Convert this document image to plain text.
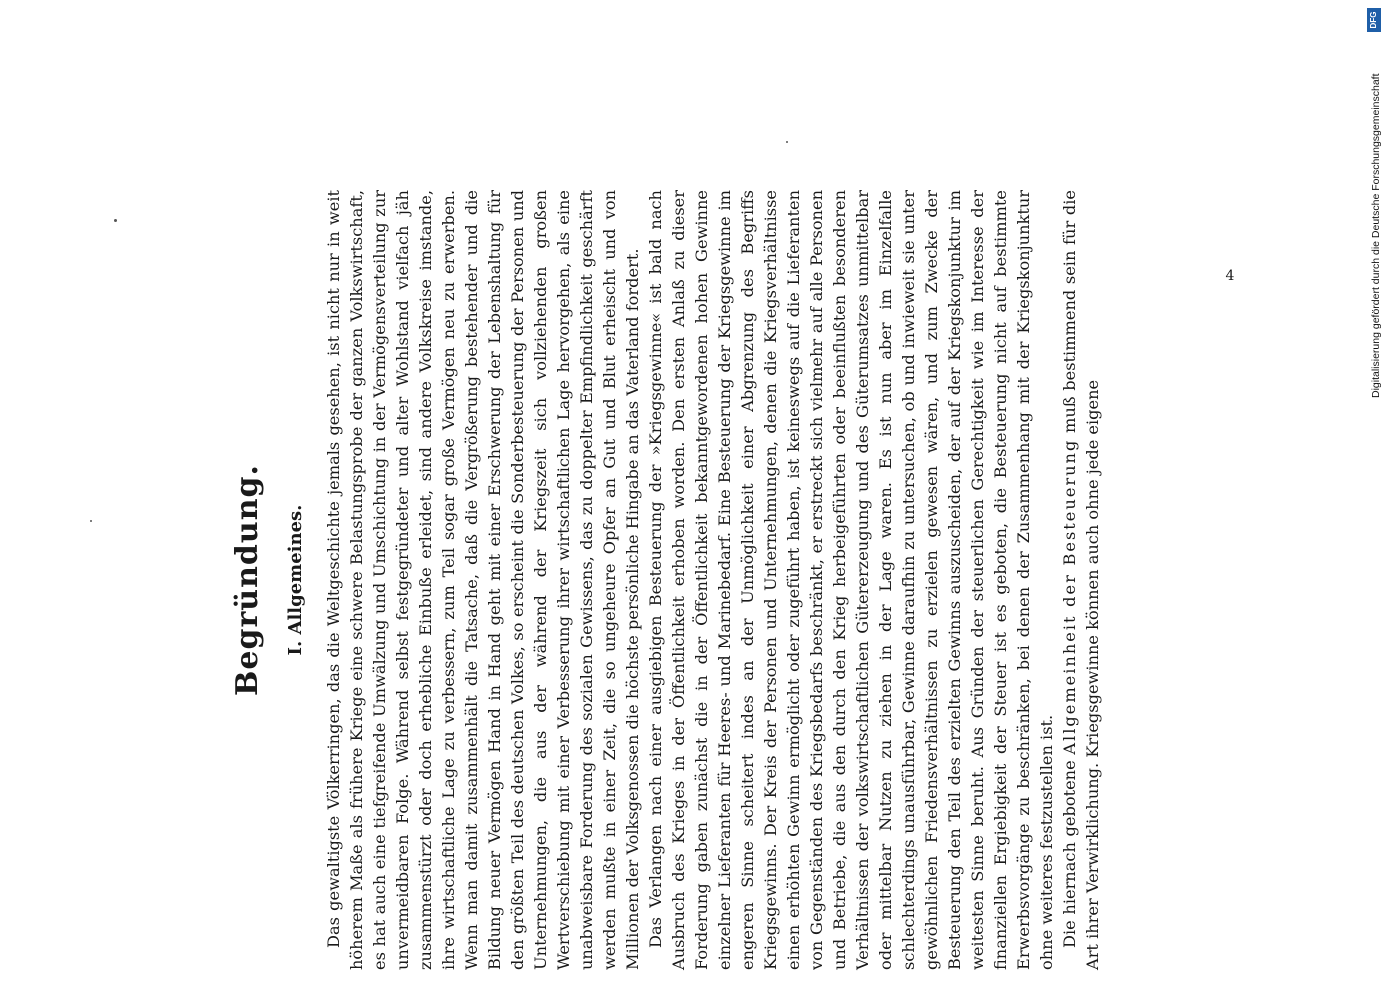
Begründung. I. Allgemeines. Das gewaltigste Völkerringen, das die Weltgeschichte jemals gesehen, ist nicht nur in weit höherem Maße als frühere Kriege eine schwere Belastungsprobe der ganzen Volkswirtschaft, es hat auch eine tiefgreifende Umwälzung und Umschichtung in der Vermögensverteilung zur unvermeidbaren Folge. Während selbst festgegründeter und alter Wohlstand vielfach jäh zusammenstürzt oder doch erhebliche Einbuße erleidet, sind andere Volkskreise imstande, ihre wirtschaftliche Lage zu verbessern, zum Teil sogar große Vermögen neu zu erwerben. Wenn man damit zusammenhält die Tatsache, daß die Vergrößerung bestehender und die Bildung neuer Vermögen Hand in Hand geht mit einer Erschwerung der Lebenshaltung für den größten Teil des deutschen Volkes, so erscheint die Sonderbesteuerung der Personen und Unternehmungen, die aus der während der Kriegszeit sich vollziehenden großen Wertverschiebung mit einer Verbesserung ihrer wirtschaftlichen Lage hervorgehen, als eine unabweisbare Forderung des sozialen Gewissens, das zu doppelter Empfindlichkeit geschärft werden mußte in einer Zeit, die so ungeheure Opfer an Gut und Blut erheischt und von Millionen der Volksgenossen die höchste persönliche Hingabe an das Vaterland fordert. Das Verlangen nach einer ausgiebigen Besteuerung der »Kriegsgewinne« ist bald nach Ausbruch des Krieges in der Öffentlichkeit erhoben worden. Den ersten Anlaß zu dieser Forderung gaben zunächst die in der Öffentlichkeit bekanntgewordenen hohen Gewinne einzelner Lieferanten für Heeres- und Marinebedarf. Eine Besteuerung der Kriegsgewinne im engeren Sinne scheitert indes an der Unmöglichkeit einer Abgrenzung des Begriffs Kriegsgewinns. Der Kreis der Personen und Unternehmungen, denen die Kriegsverhältnisse einen erhöhten Gewinn ermöglicht oder zugeführt haben, ist keineswegs auf die Lieferanten von Gegenständen des Kriegsbedarfs beschränkt, er erstreckt sich vielmehr auf alle Personen und Betriebe, die aus den durch den Krieg herbeigeführten oder beeinflußten besonderen Verhältnissen der volkswirtschaftlichen Gütererzeugung und des Güterumsatzes unmittelbar oder mittelbar Nutzen zu ziehen in der Lage waren. Es ist nun aber im Einzelfalle schlechterdings unausführbar, Gewinne daraufhin zu untersuchen, ob und inwieweit sie unter gewöhnlichen Friedensverhältnissen zu erzielen gewesen wären, und zum Zwecke der Besteuerung den Teil des erzielten Gewinns auszuscheiden, der auf der Kriegskonjunktur im weitesten Sinne beruht. Aus Gründen der steuerlichen Gerechtigkeit wie im Interesse der finanziellen Ergiebigkeit der Steuer ist es geboten, die Besteuerung nicht auf bestimmte Erwerbsvorgänge zu beschränken, bei denen der Zusammenhang mit der Kriegskonjunktur ohne weiteres festzustellen ist. Die hiernach gebotene Allgemeinheit der Besteuerung muß bestimmend sein für die Art ihrer Verwirklichung. Kriegsgewinne können auch ohne jede eigene

4
DFG
Digitalisierung gefördert durch die Deutsche Forschungsgemeinschaft
